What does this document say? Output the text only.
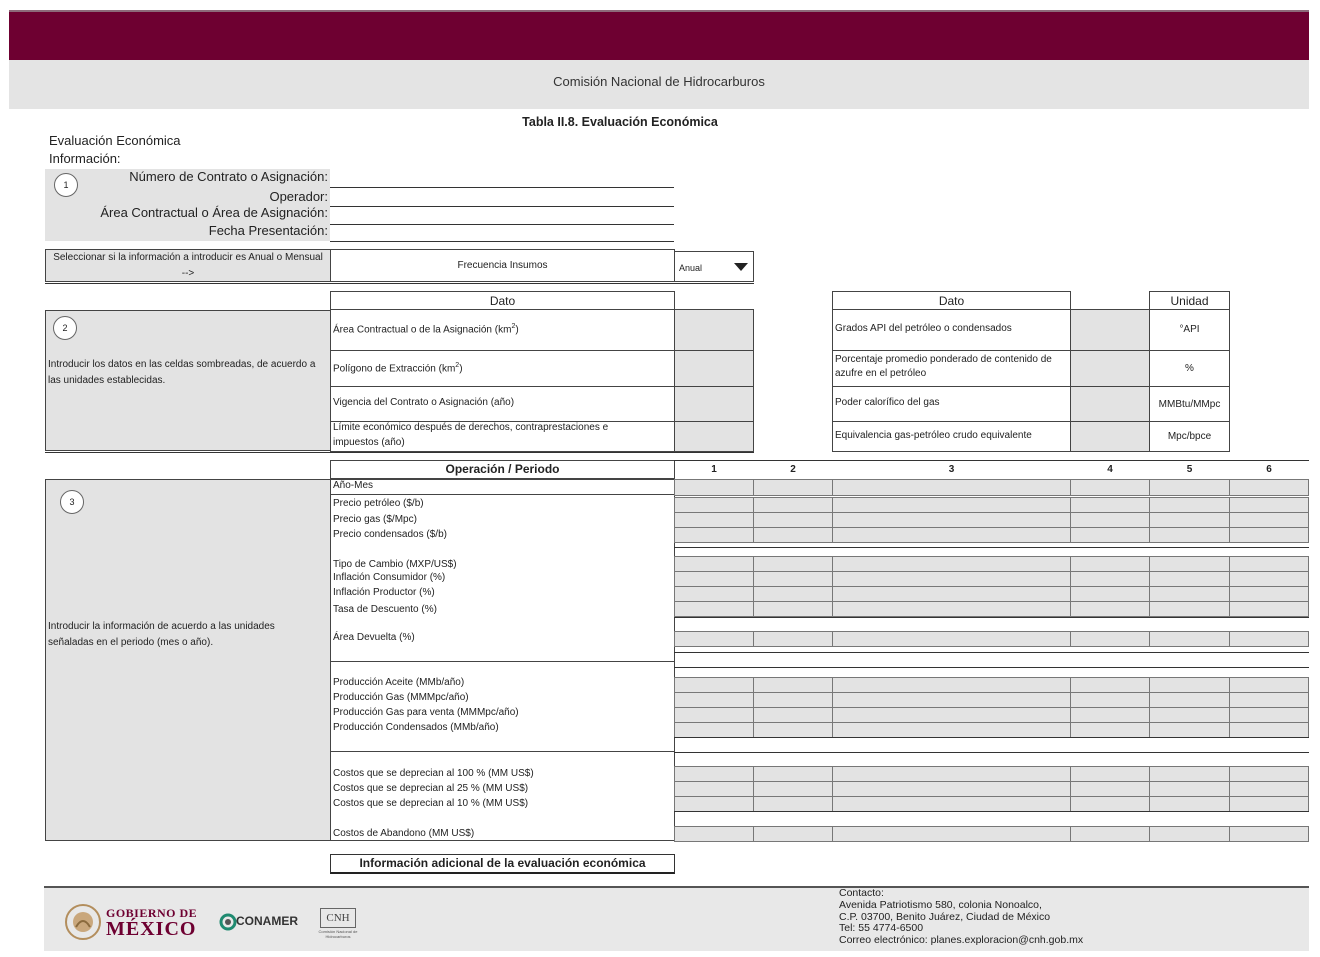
Comisión Nacional de Hidrocarburos
Tabla II.8. Evaluación Económica
Evaluación Económica
Información:
1
Número de Contrato o Asignación:
Operador:
Área Contractual o Área de Asignación:
Fecha Presentación:
Seleccionar si la información a introducir es Anual o Mensual -->
Frecuencia Insumos	Anual
2
Introducir los datos en las celdas sombreadas, de acuerdo a las unidades establecidas.
Dato
Área Contractual o de la Asignación $(km^2)$
Polígono de Extracción $(km^2)$
Vigencia del Contrato o Asignación (año)
Límite económico después de derechos, contraprestaciones e impuestos (año)
Dato	Unidad
Grados API del petróleo o condensados	°API
Porcentaje promedio ponderado de contenido de azufre en el petróleo	%
Poder calorífico del gas	MMBtu/MMpc
Equivalencia gas-petróleo crudo equivalente	Mpc/bpce
3
Introducir la información de acuerdo a las unidades señaladas en el periodo (mes o año).
Operación / Periodo	1	2	3	4	5	6
Año-Mes
Precio petróleo ($/b)
Precio gas ($/Mpc)
Precio condensados ($/b)
Tipo de Cambio (MXP/US$)
Inflación Consumidor (%)
Inflación Productor (%)
Tasa de Descuento (%)
Área Devuelta (%)
Producción Aceite (MMb/año)
Producción Gas (MMMpc/año)
Producción Gas para venta (MMMpc/año)
Producción Condensados (MMb/año)
Costos que se deprecian al 100 % (MM US$)
Costos que se deprecian al 25 % (MM US$)
Costos que se deprecian al 10 % (MM US$)
Costos de Abandono (MM US$)
Información adicional de la evaluación económica
GOBIERNO DE
MÉXICO	CONAMER	CNH
Comisión Nacional de Hidrocarburos
Contacto:
Avenida Patriotismo 580, colonia Nonoalco,
C.P. 03700, Benito Juárez, Ciudad de México
Tel: 55 4774-6500
Correo electrónico: planes.exploracion@cnh.gob.mx
